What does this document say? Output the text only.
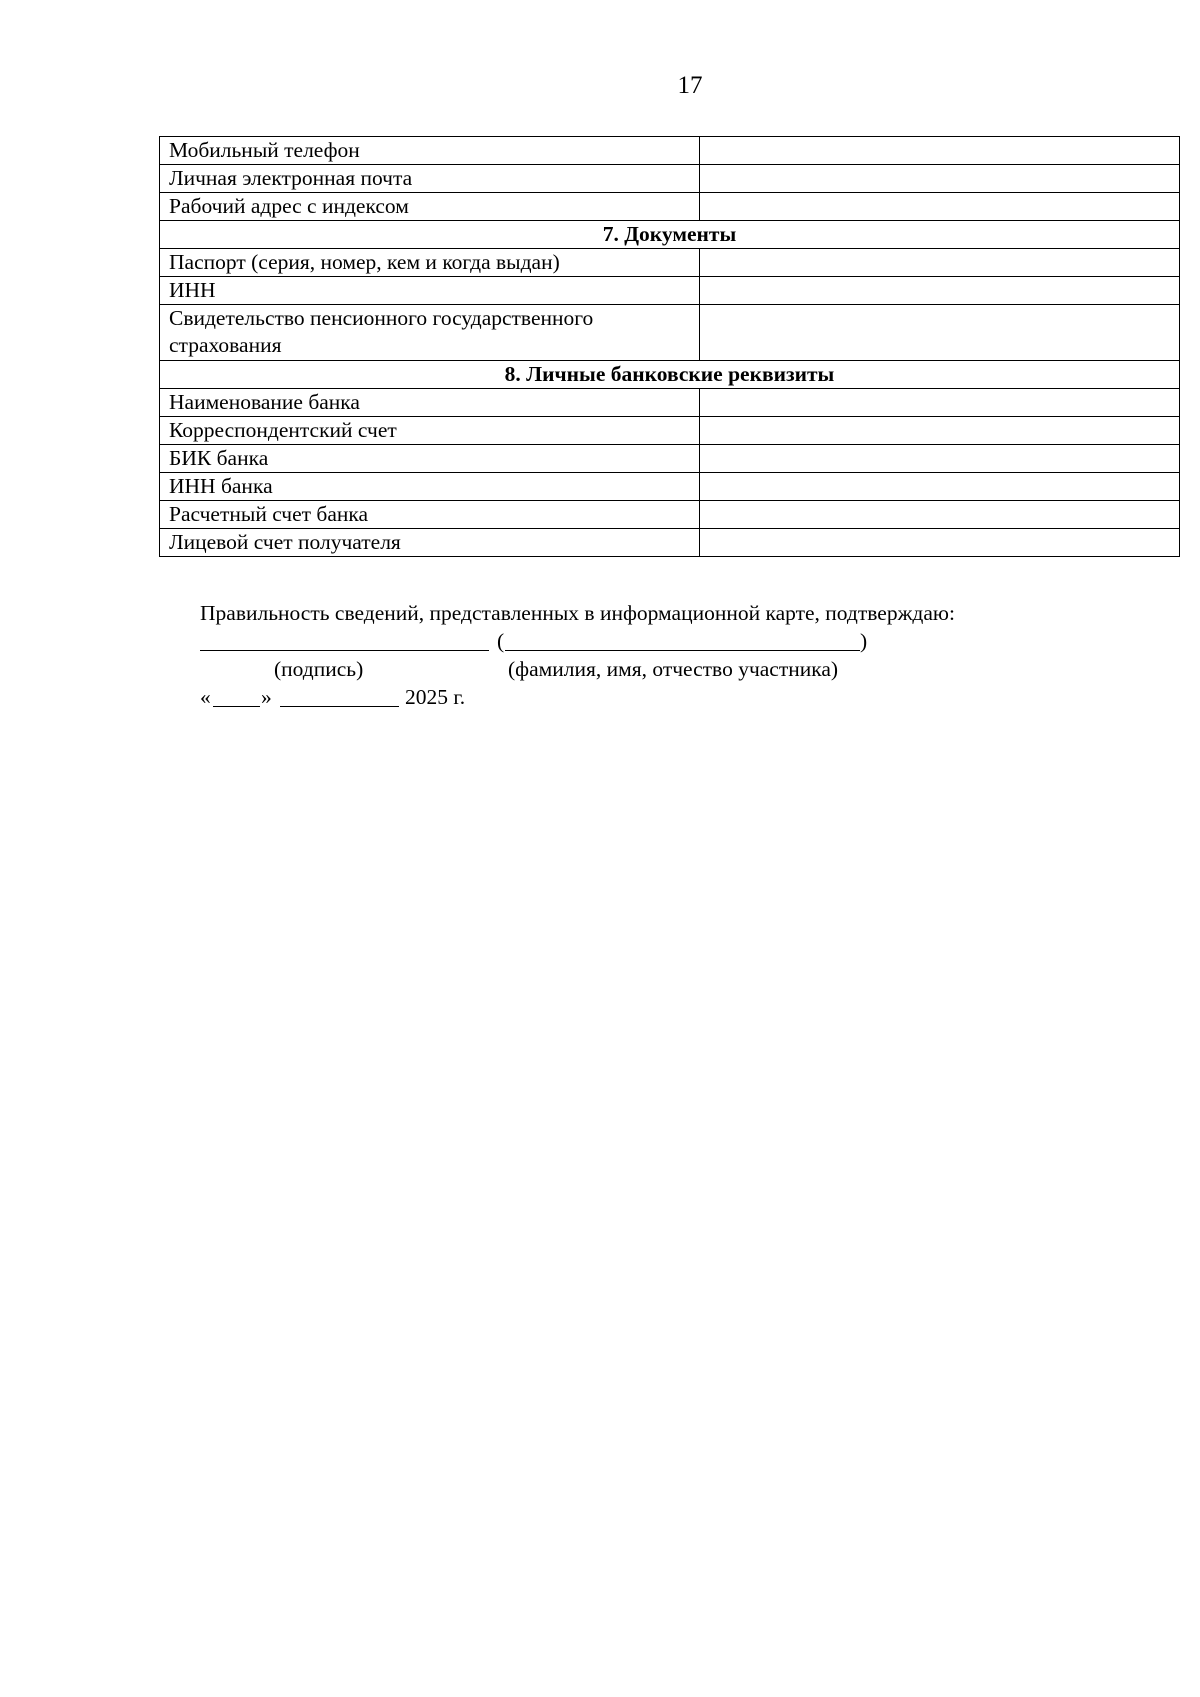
17
Мобильный телефон	
Личная электронная почта	
Рабочий адрес с индексом	
7. Документы	
Паспорт (серия, номер, кем и когда выдан)	
ИНН	
Свидетельство пенсионного государственного страхования	
8. Личные банковские реквизиты	
Наименование банка	
Корреспондентский счет	
БИК банка	
ИНН банка	
Расчетный счет банка	
Лицевой счет получателя	
Правильность сведений, представленных в информационной карте, подтверждаю:
(	)
(подпись)	(фамилия, имя, отчество участника)
« »	2025 г.
